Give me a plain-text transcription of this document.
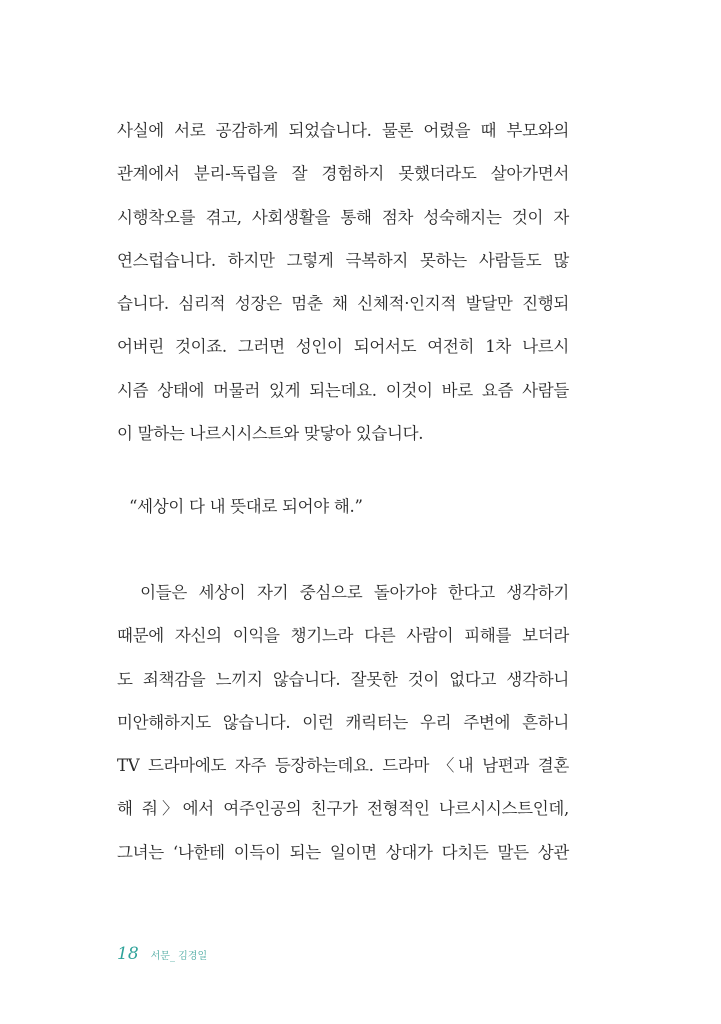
사실에 서로 공감하게 되었습니다. 물론 어렸을 때 부모와의
관계에서 분리-독립을 잘 경험하지 못했더라도 살아가면서
시행착오를 겪고, 사회생활을 통해 점차 성숙해지는 것이 자
연스럽습니다. 하지만 그렇게 극복하지 못하는 사람들도 많
습니다. 심리적 성장은 멈춘 채 신체적·인지적 발달만 진행되
어버린 것이죠. 그러면 성인이 되어서도 여전히 1차 나르시
시즘 상태에 머물러 있게 되는데요. 이것이 바로 요즘 사람들
이 말하는 나르시시스트와 맞닿아 있습니다.
“세상이 다 내 뜻대로 되어야 해.”
이들은 세상이 자기 중심으로 돌아가야 한다고 생각하기
때문에 자신의 이익을 챙기느라 다른 사람이 피해를 보더라
도 죄책감을 느끼지 않습니다. 잘못한 것이 없다고 생각하니
미안해하지도 않습니다. 이런 캐릭터는 우리 주변에 흔하니
TV 드라마에도 자주 등장하는데요. 드라마 〈내 남편과 결혼
해 줘〉에서 여주인공의 친구가 전형적인 나르시시스트인데,
그녀는 ‘나한테 이득이 되는 일이면 상대가 다치든 말든 상관
18 서문_ 김경일
